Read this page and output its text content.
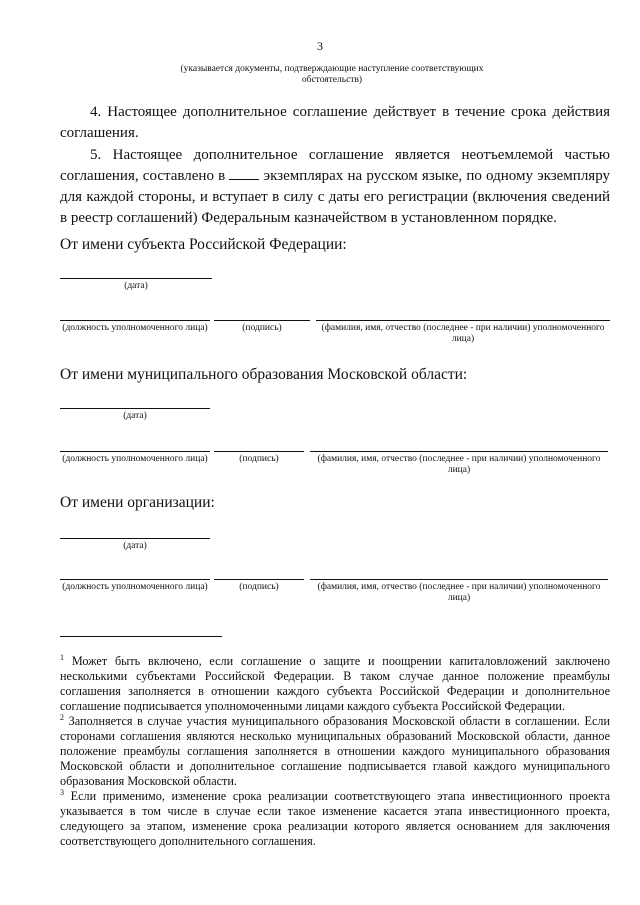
3
(указывается документы, подтверждающие наступление соответствующих обстоятельств)
4. Настоящее дополнительное соглашение действует в течение срока действия соглашения.
5. Настоящее дополнительное соглашение является неотъемлемой частью соглашения, составлено в	экземплярах на русском языке, по одному экземпляру для каждой стороны, и вступает в силу с даты его регистрации (включения сведений в реестр соглашений) Федеральным казначейством в установленном порядке.
От имени субъекта Российской Федерации:
(дата)
(должность уполномоченного лица)	(подпись)	(фамилия, имя, отчество (последнее - при наличии) уполномоченного лица)
От имени муниципального образования Московской области:
(дата)
(должность уполномоченного лица)	(подпись)	(фамилия, имя, отчество (последнее - при наличии) уполномоченного лица)
От имени организации:
(дата)
(должность уполномоченного лица)	(подпись)	(фамилия, имя, отчество (последнее - при наличии) уполномоченного лица)

$^1$ Может быть включено, если соглашение о защите и поощрении капиталовложений заключено несколькими субъектами Российской Федерации. В таком случае данное положение преамбулы соглашения заполняется в отношении каждого субъекта Российской Федерации и дополнительное соглашение подписывается уполномоченными лицами каждого субъекта Российской Федерации.

$^2$ Заполняется в случае участия муниципального образования Московской области в соглашении. Если сторонами соглашения являются несколько муниципальных образований Московской области, данное положение преамбулы соглашения заполняется в отношении каждого муниципального образования Московской области и дополнительное соглашение подписывается главой каждого муниципального образования Московской области.

$^3$ Если применимо, изменение срока реализации соответствующего этапа инвестиционного проекта указывается в том числе в случае если такое изменение касается этапа инвестиционного проекта, следующего за этапом, изменение срока реализации которого является основанием для заключения соответствующего дополнительного соглашения.
